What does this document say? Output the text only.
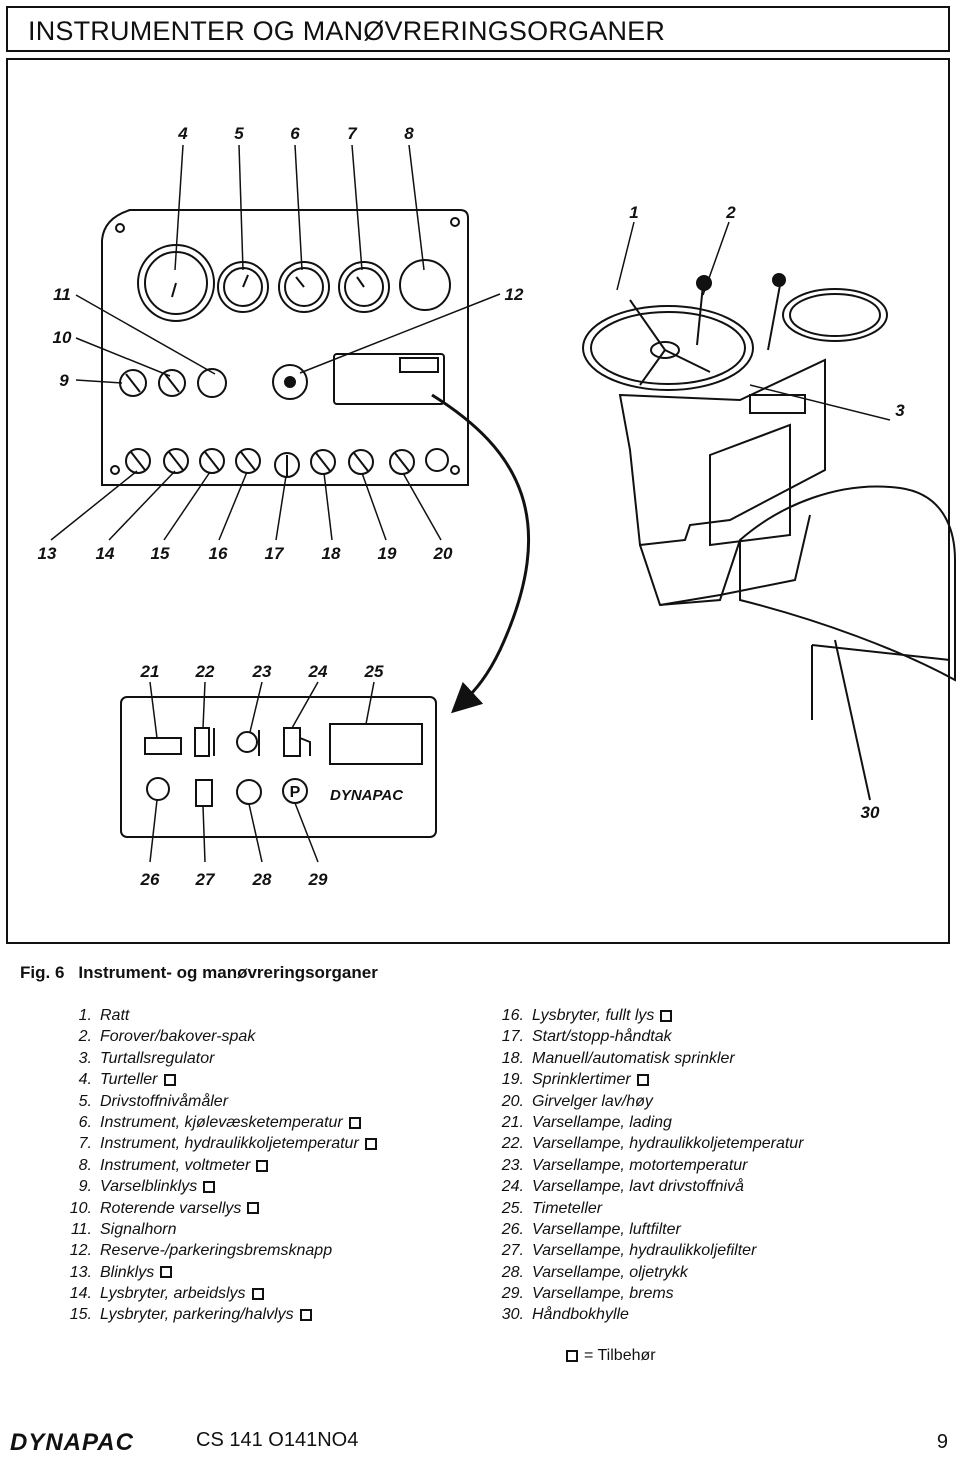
INSTRUMENTER OG MANØVRERINGSORGANER
P DYNAPAC
4	5	6	7	8
1	2
3
11
10
9
12
13 14 15 16 17 18 19 20
21 22 23 24 25
26 27 28 29
30
Fig. 6 Instrument- og manøvreringsorganer
1. Ratt
2. Forover/bakover-spak
3. Turtallsregulator
4. Turteller
5. Drivstoffnivåmåler
6. Instrument, kjølevæsketemperatur
7. Instrument, hydraulikkoljetemperatur
8. Instrument, voltmeter
9. Varselblinklys
10. Roterende varsellys
11. Signalhorn
12. Reserve-/parkeringsbremsknapp
13. Blinklys
14. Lysbryter, arbeidslys
15. Lysbryter, parkering/halvlys
16. Lysbryter, fullt lys
17. Start/stopp-håndtak
18. Manuell/automatisk sprinkler
19. Sprinklertimer
20. Girvelger lav/høy
21. Varsellampe, lading
22. Varsellampe, hydraulikkoljetemperatur
23. Varsellampe, motortemperatur
24. Varsellampe, lavt drivstoffnivå
25. Timeteller
26. Varsellampe, luftfilter
27. Varsellampe, hydraulikkoljefilter
28. Varsellampe, oljetrykk
29. Varsellampe, brems
30. Håndbokhylle
= Tilbehør
DYNAPAC	CS 141 O141NO4	9
